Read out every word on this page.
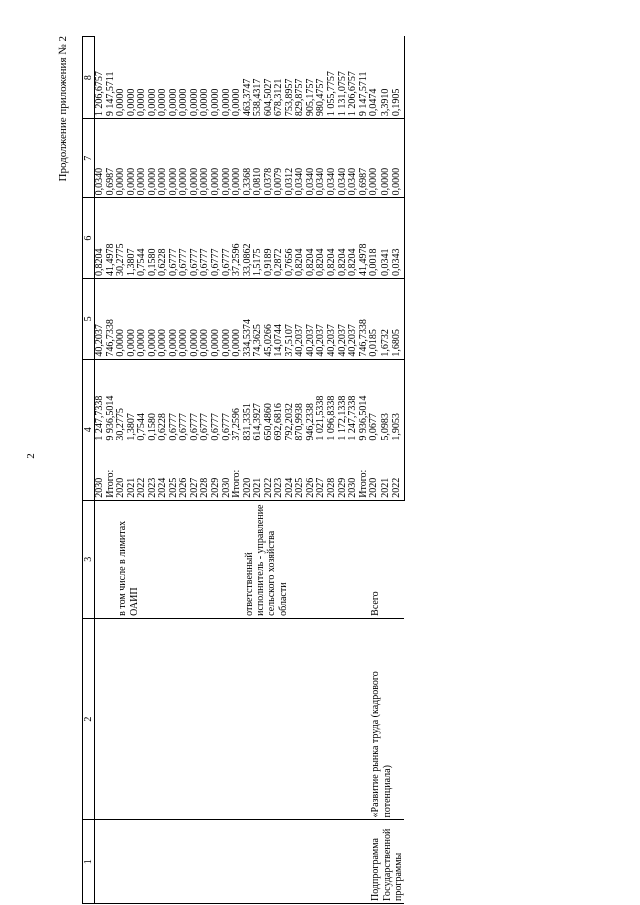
2
Продолжение приложения № 2
1	2	3	4		5	6	7	8
			2030	1 247,7338	40,2037	0,8204	0,0340	1 206,6757
			Итого:	9 936,5014	746,7338	41,4978	0,6987	9 147,5711
		в том числе в лимитах ОАИП	2020	30,2775	0,0000	30,2775	0,0000	0,0000
			2021	1,3807	0,0000	1,3807	0,0000	0,0000
			2022	0,7544	0,0000	0,7544	0,0000	0,0000
			2023	0,1580	0,0000	0,1580	0,0000	0,0000
			2024	0,6228	0,0000	0,6228	0,0000	0,0000
			2025	0,6777	0,0000	0,6777	0,0000	0,0000
			2026	0,6777	0,0000	0,6777	0,0000	0,0000
			2027	0,6777	0,0000	0,6777	0,0000	0,0000
			2028	0,6777	0,0000	0,6777	0,0000	0,0000
			2029	0,6777	0,0000	0,6777	0,0000	0,0000
			2030	0,6777	0,0000	0,6777	0,0000	0,0000
			Итого:	37,2596	0,0000	37,2596	0,0000	0,0000
		ответственный исполнитель - управление сельского хозяйства области	2020	831,3351	334,5374	33,0862	0,3368	463,3747
			2021	614,3927	74,3625	1,5175	0,0810	538,4317
			2022	650,4860	45,0266	0,9189	0,0378	604,5027
			2023	692,6816	14,0744	0,2872	0,0079	678,3121
			2024	792,2032	37,5107	0,7656	0,0312	753,8957
			2025	870,9938	40,2037	0,8204	0,0340	829,8757
			2026	946,2338	40,2037	0,8204	0,0340	905,1757
			2027	1 021,5338	40,2037	0,8204	0,0340	980,4757
			2028	1 096,8338	40,2037	0,8204	0,0340	1 055,7757
			2029	1 172,1338	40,2037	0,8204	0,0340	1 131,0757
			2030	1 247,7338	40,2037	0,8204	0,0340	1 206,6757
			Итого:	9 936,5014	746,7338	41,4978	0,6987	9 147,5711
Подпрограмма Государственной программы	«Развитие рынка труда (кадрового потенциала)	Всего	2020	0,0677	0,0185	0,0018	0,0000	0,0474
			2021	5,0983	1,6732	0,0341	0,0000	3,3910
			2022	1,9053	1,6805	0,0343	0,0000	0,1905
